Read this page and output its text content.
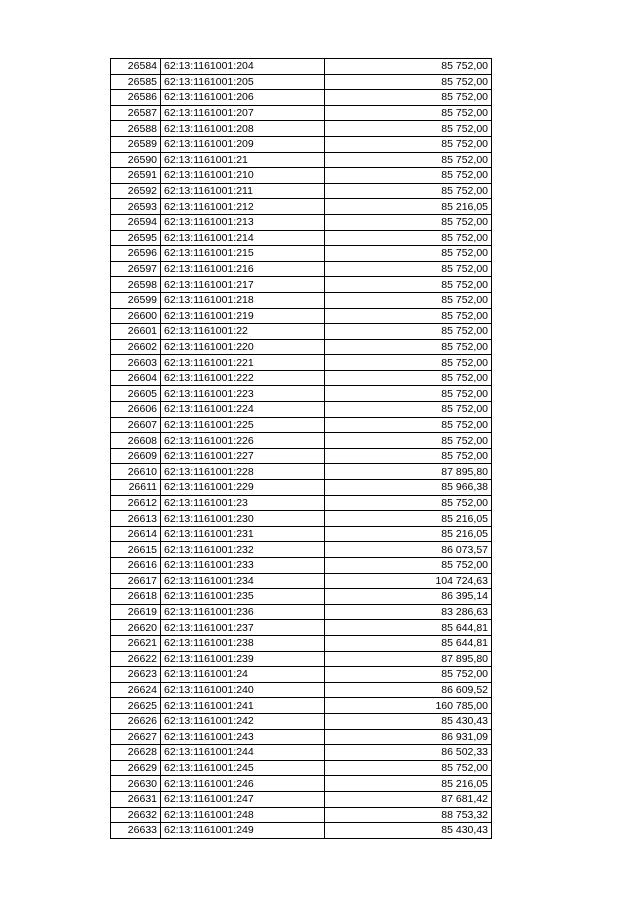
26584	62:13:1161001:204	85 752,00
26585	62:13:1161001:205	85 752,00
26586	62:13:1161001:206	85 752,00
26587	62:13:1161001:207	85 752,00
26588	62:13:1161001:208	85 752,00
26589	62:13:1161001:209	85 752,00
26590	62:13:1161001:21	85 752,00
26591	62:13:1161001:210	85 752,00
26592	62:13:1161001:211	85 752,00
26593	62:13:1161001:212	85 216,05
26594	62:13:1161001:213	85 752,00
26595	62:13:1161001:214	85 752,00
26596	62:13:1161001:215	85 752,00
26597	62:13:1161001:216	85 752,00
26598	62:13:1161001:217	85 752,00
26599	62:13:1161001:218	85 752,00
26600	62:13:1161001:219	85 752,00
26601	62:13:1161001:22	85 752,00
26602	62:13:1161001:220	85 752,00
26603	62:13:1161001:221	85 752,00
26604	62:13:1161001:222	85 752,00
26605	62:13:1161001:223	85 752,00
26606	62:13:1161001:224	85 752,00
26607	62:13:1161001:225	85 752,00
26608	62:13:1161001:226	85 752,00
26609	62:13:1161001:227	85 752,00
26610	62:13:1161001:228	87 895,80
26611	62:13:1161001:229	85 966,38
26612	62:13:1161001:23	85 752,00
26613	62:13:1161001:230	85 216,05
26614	62:13:1161001:231	85 216,05
26615	62:13:1161001:232	86 073,57
26616	62:13:1161001:233	85 752,00
26617	62:13:1161001:234	104 724,63
26618	62:13:1161001:235	86 395,14
26619	62:13:1161001:236	83 286,63
26620	62:13:1161001:237	85 644,81
26621	62:13:1161001:238	85 644,81
26622	62:13:1161001:239	87 895,80
26623	62:13:1161001:24	85 752,00
26624	62:13:1161001:240	86 609,52
26625	62:13:1161001:241	160 785,00
26626	62:13:1161001:242	85 430,43
26627	62:13:1161001:243	86 931,09
26628	62:13:1161001:244	86 502,33
26629	62:13:1161001:245	85 752,00
26630	62:13:1161001:246	85 216,05
26631	62:13:1161001:247	87 681,42
26632	62:13:1161001:248	88 753,32
26633	62:13:1161001:249	85 430,43
